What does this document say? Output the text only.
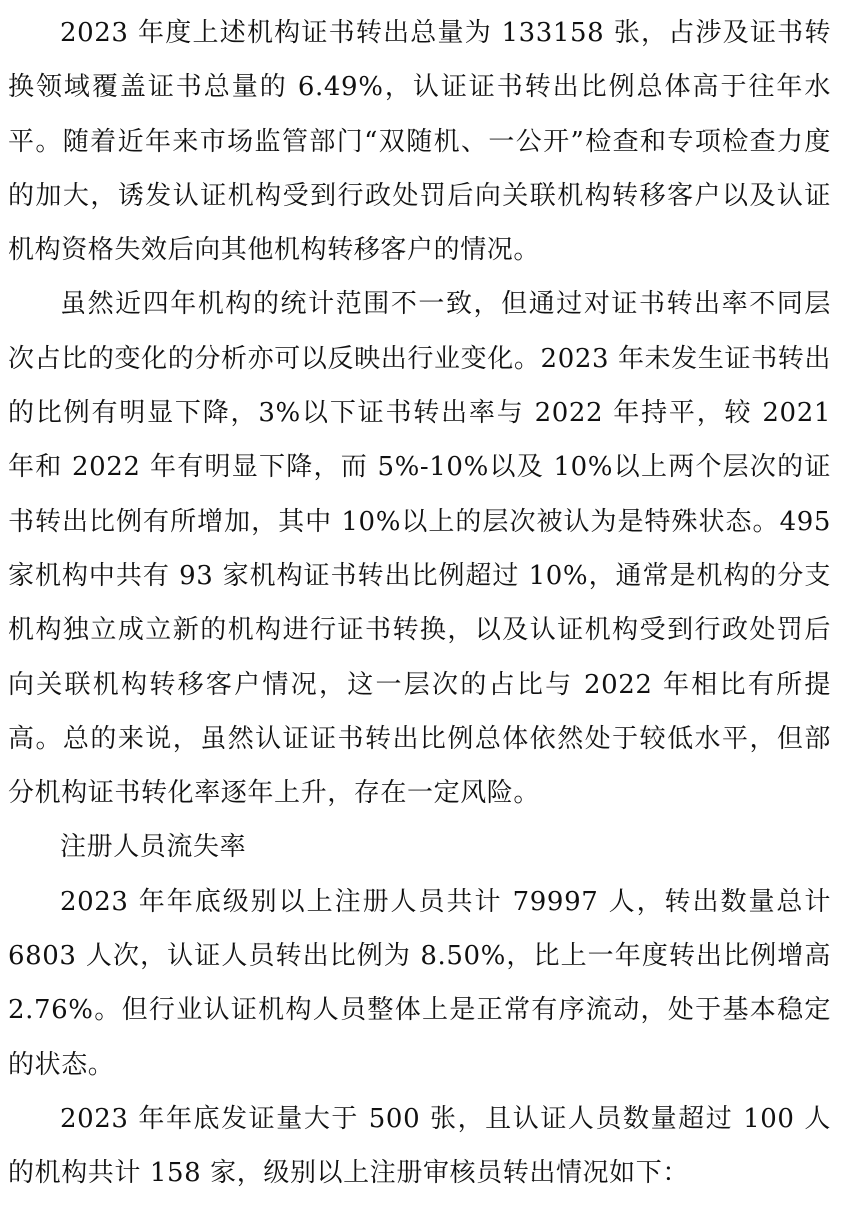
2023 年度上述机构证书转出总量为 133158 张，占涉及证书转换领域覆盖证书总量的 6.49%，认证证书转出比例总体高于往年水平。随着近年来市场监管部门“双随机、一公开”检查和专项检查力度的加大，诱发认证机构受到行政处罚后向关联机构转移客户以及认证机构资格失效后向其他机构转移客户的情况。

虽然近四年机构的统计范围不一致，但通过对证书转出率不同层次占比的变化的分析亦可以反映出行业变化。2023 年未发生证书转出的比例有明显下降，3%以下证书转出率与 2022 年持平，较 2021 年和 2022 年有明显下降，而 5%-10%以及 10%以上两个层次的证书转出比例有所增加，其中 10%以上的层次被认为是特殊状态。495 家机构中共有 93 家机构证书转出比例超过 10%，通常是机构的分支机构独立成立新的机构进行证书转换，以及认证机构受到行政处罚后向关联机构转移客户情况，这一层次的占比与 2022 年相比有所提高。总的来说，虽然认证证书转出比例总体依然处于较低水平，但部分机构证书转化率逐年上升，存在一定风险。

注册人员流失率

2023 年年底级别以上注册人员共计 79997 人，转出数量总计 6803 人次，认证人员转出比例为 8.50%，比上一年度转出比例增高 2.76%。但行业认证机构人员整体上是正常有序流动，处于基本稳定的状态。

2023 年年底发证量大于 500 张，且认证人员数量超过 100 人的机构共计 158 家，级别以上注册审核员转出情况如下：
